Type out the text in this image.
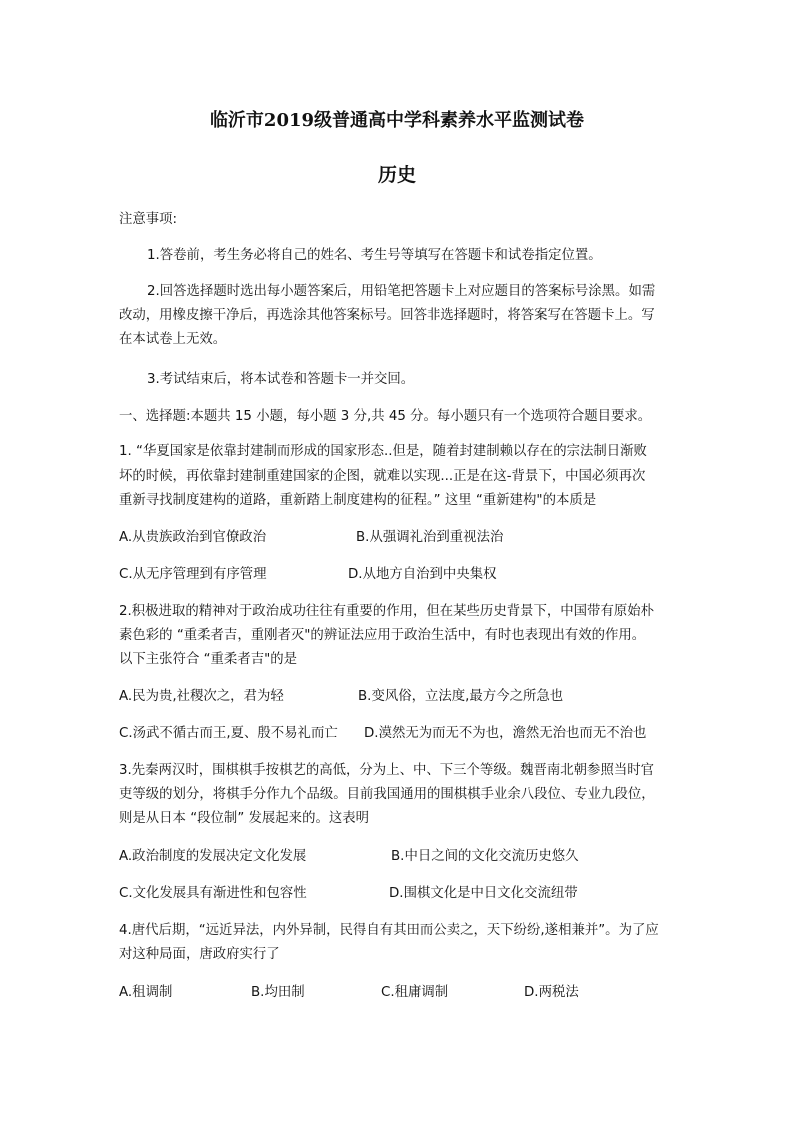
临沂市2019级普通高中学科素养水平监测试卷
历史
注意事项:
1.答卷前，考生务必将自己的姓名、考生号等填写在答题卡和试卷指定位置。
2.回答选择题时选出每小题答案后，用铅笔把答题卡上对应题目的答案标号涂黑。如需
改动，用橡皮擦干净后，再选涂其他答案标号。回答非选择题时，将答案写在答题卡上。写
在本试卷上无效。
3.考试结束后，将本试卷和答题卡一并交回。
一、选择题:本题共 15 小题，每小题 3 分,共 45 分。每小题只有一个选项符合题目要求。
1. “华夏国家是依靠封建制而形成的国家形态..但是，随着封建制赖以存在的宗法制日渐败
坏的时候，再依靠封建制重建国家的企图，就难以实现...正是在这-背景下，中国必须再次
重新寻找制度建构的道路，重新踏上制度建构的征程。” 这里 “重新建构"的本质是
A.从贵族政治到官僚政治	B.从强调礼治到重视法治
C.从无序管理到有序管理	D.从地方自治到中央集权
2.积极进取的精神对于政治成功往往有重要的作用，但在某些历史背景下，中国带有原始朴
素色彩的 “重柔者吉，重刚者灭"的辨证法应用于政治生活中，有时也表现出有效的作用。
以下主张符合 “重柔者吉"的是
A.民为贵,社稷次之，君为轻	B.变风俗，立法度,最方今之所急也
C.汤武不循古而王,夏、殷不易礼而亡 D.漠然无为而无不为也，澹然无治也而无不治也
3.先秦两汉时，围棋棋手按棋艺的高低，分为上、中、下三个等级。魏晋南北朝参照当时官
吏等级的划分，将棋手分作九个品级。目前我国通用的围棋棋手业余八段位、专业九段位，
则是从日本 “段位制” 发展起来的。这表明
A.政治制度的发展决定文化发展	B.中日之间的文化交流历史悠久
C.文化发展具有渐进性和包容性	D.围棋文化是中日文化交流纽带
4.唐代后期，“远近异法，内外异制，民得自有其田而公卖之，天下纷纷,遂相兼并”。为了应
对这种局面，唐政府实行了
A.租调制	B.均田制	C.租庸调制	D.两税法
